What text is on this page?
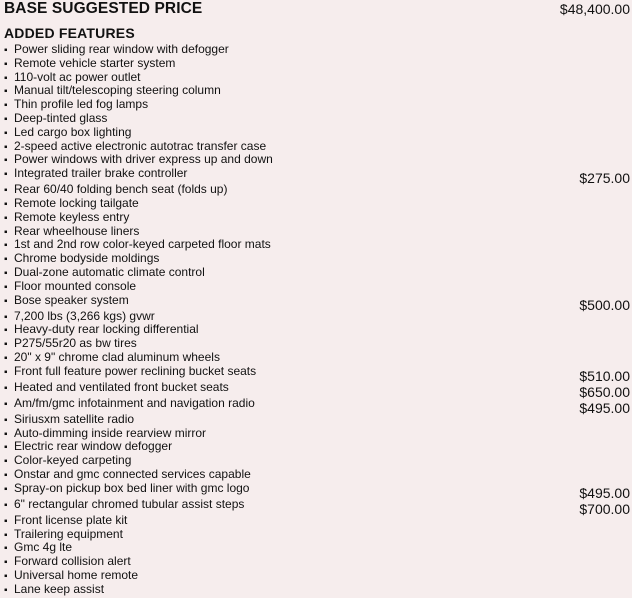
BASE SUGGESTED PRICE	$48,400.00
ADDED FEATURES
▪ Power sliding rear window with defogger
▪ Remote vehicle starter system
▪ 110-volt ac power outlet
▪ Manual tilt/telescoping steering column
▪ Thin profile led fog lamps
▪ Deep-tinted glass
▪ Led cargo box lighting
▪ 2-speed active electronic autotrac transfer case
▪ Power windows with driver express up and down
▪ Integrated trailer brake controller	$275.00
▪ Rear 60/40 folding bench seat (folds up)
▪ Remote locking tailgate
▪ Remote keyless entry
▪ Rear wheelhouse liners
▪ 1st and 2nd row color-keyed carpeted floor mats
▪ Chrome bodyside moldings
▪ Dual-zone automatic climate control
▪ Floor mounted console
▪ Bose speaker system	$500.00
▪ 7,200 lbs (3,266 kgs) gvwr
▪ Heavy-duty rear locking differential
▪ P275/55r20 as bw tires
▪ 20" x 9" chrome clad aluminum wheels
▪ Front full feature power reclining bucket seats	$510.00
▪ Heated and ventilated front bucket seats	$650.00
▪ Am/fm/gmc infotainment and navigation radio	$495.00
▪ Siriusxm satellite radio
▪ Auto-dimming inside rearview mirror
▪ Electric rear window defogger
▪ Color-keyed carpeting
▪ Onstar and gmc connected services capable
▪ Spray-on pickup box bed liner with gmc logo	$495.00
▪ 6" rectangular chromed tubular assist steps	$700.00
▪ Front license plate kit
▪ Trailering equipment
▪ Gmc 4g lte
▪ Forward collision alert
▪ Universal home remote
▪ Lane keep assist
